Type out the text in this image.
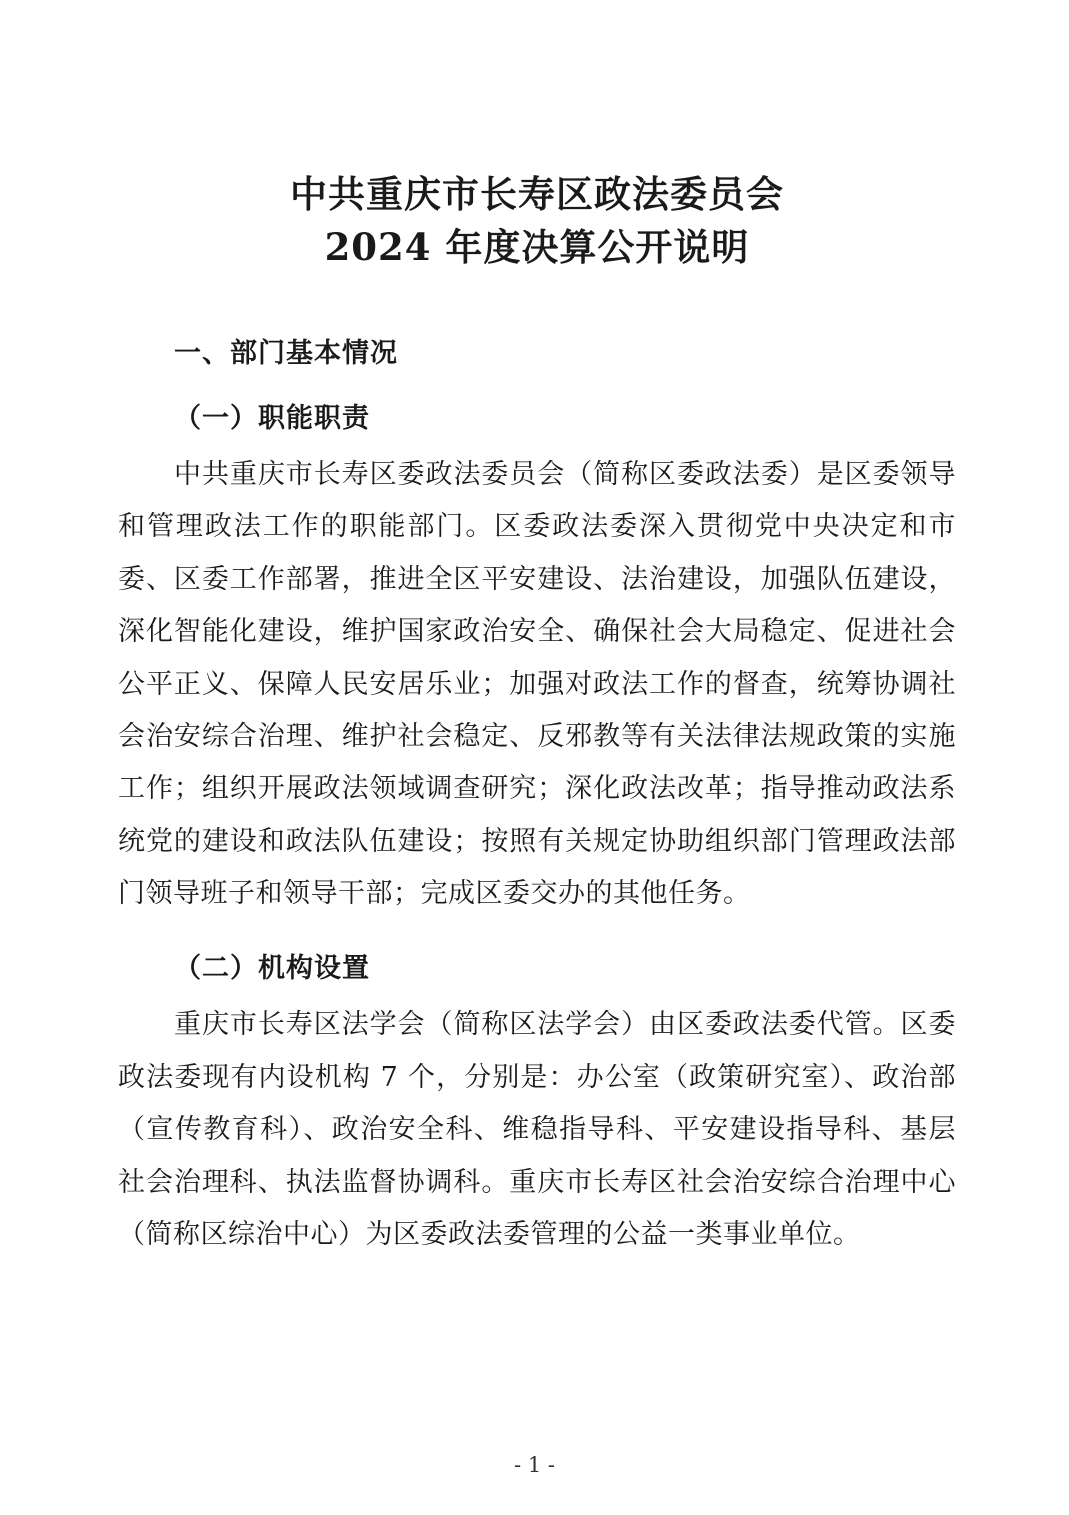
中共重庆市长寿区政法委员会
2024 年度决算公开说明
一、部门基本情况
（一）职能职责

中共重庆市长寿区委政法委员会（简称区委政法委）是区委领导和管理政法工作的职能部门。区委政法委深入贯彻党中央决定和市委、区委工作部署，推进全区平安建设、法治建设，加强队伍建设，深化智能化建设，维护国家政治安全、确保社会大局稳定、促进社会公平正义、保障人民安居乐业；加强对政法工作的督查，统筹协调社会治安综合治理、维护社会稳定、反邪教等有关法律法规政策的实施工作；组织开展政法领域调查研究；深化政法改革；指导推动政法系统党的建设和政法队伍建设；按照有关规定协助组织部门管理政法部门领导班子和领导干部；完成区委交办的其他任务。

（二）机构设置

重庆市长寿区法学会（简称区法学会）由区委政法委代管。区委政法委现有内设机构 7 个，分别是：办公室（政策研究室）、政治部（宣传教育科）、政治安全科、维稳指导科、平安建设指导科、基层社会治理科、执法监督协调科。重庆市长寿区社会治安综合治理中心（简称区综治中心）为区委政法委管理的公益一类事业单位。

- 1 -
